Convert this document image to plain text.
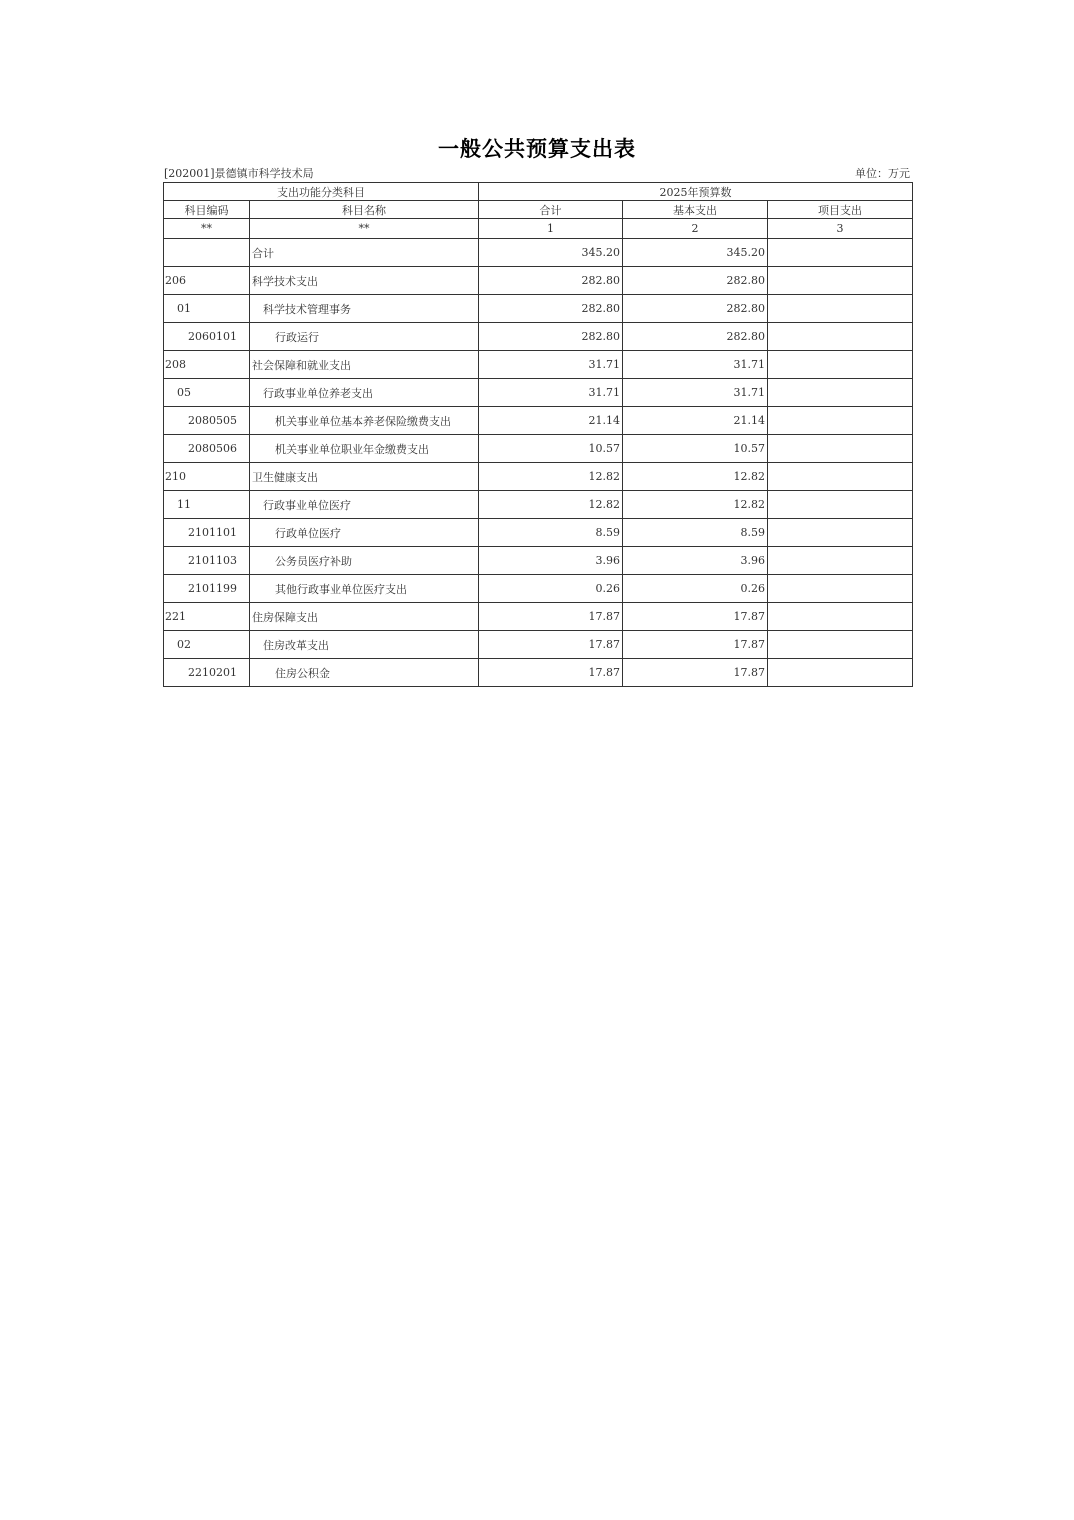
一般公共预算支出表
[202001]景德镇市科学技术局	单位：万元
支出功能分类科目		2025年预算数		
科目编码	科目名称	合计	基本支出	项目支出
**	**	1	2	3
	合计	345.20	345.20	
206	科学技术支出	282.80	282.80	
01	科学技术管理事务	282.80	282.80	
2060101	行政运行	282.80	282.80	
208	社会保障和就业支出	31.71	31.71	
05	行政事业单位养老支出	31.71	31.71	
2080505	机关事业单位基本养老保险缴费支出	21.14	21.14	
2080506	机关事业单位职业年金缴费支出	10.57	10.57	
210	卫生健康支出	12.82	12.82	
11	行政事业单位医疗	12.82	12.82	
2101101	行政单位医疗	8.59	8.59	
2101103	公务员医疗补助	3.96	3.96	
2101199	其他行政事业单位医疗支出	0.26	0.26	
221	住房保障支出	17.87	17.87	
02	住房改革支出	17.87	17.87	
2210201	住房公积金	17.87	17.87	
